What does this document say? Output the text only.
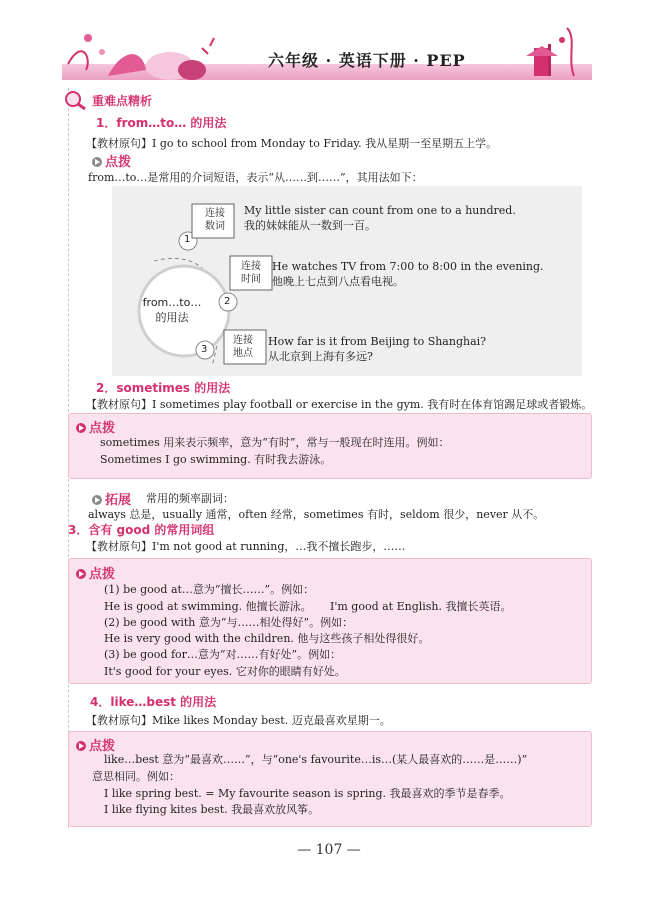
六年级 · 英语下册 · PEP
重难点精析
1．from…to… 的用法
【教材原句】I go to school from Monday to Friday. 我从星期一至星期五上学。
点拨
from…to…是常用的介词短语，表示“从……到……”，其用法如下：
from…to…
的用法
1
连接
数词
My little sister can count from one to a hundred.
我的妹妹能从一数到一百。
2
连接
时间
He watches TV from 7:00 to 8:00 in the evening.
他晚上七点到八点看电视。
3
连接
地点
How far is it from Beijing to Shanghai?
从北京到上海有多远?
2．sometimes 的用法
【教材原句】I sometimes play football or exercise in the gym. 我有时在体育馆踢足球或者锻炼。
点拨
sometimes 用来表示频率，意为“有时”，常与一般现在时连用。例如：
Sometimes I go swimming. 有时我去游泳。
拓展 常用的频率副词：
always 总是，usually 通常，often 经常，sometimes 有时，seldom 很少，never 从不。
3．含有 good 的常用词组
【教材原句】I'm not good at running，…我不擅长跑步，……
点拨
(1) be good at…意为“擅长……”。例如：
He is good at swimming. 他擅长游泳。 I'm good at English. 我擅长英语。
(2) be good with 意为“与……相处得好”。例如：
He is very good with the children. 他与这些孩子相处得很好。
(3) be good for…意为“对……有好处”。例如：
It's good for your eyes. 它对你的眼睛有好处。
4．like…best 的用法
【教材原句】Mike likes Monday best. 迈克最喜欢星期一。
点拨
like…best 意为“最喜欢……”，与“one's favourite…is…(某人最喜欢的……是……)”
意思相同。例如：
I like spring best. = My favourite season is spring. 我最喜欢的季节是春季。
I like flying kites best. 我最喜欢放风筝。
— 107 —
